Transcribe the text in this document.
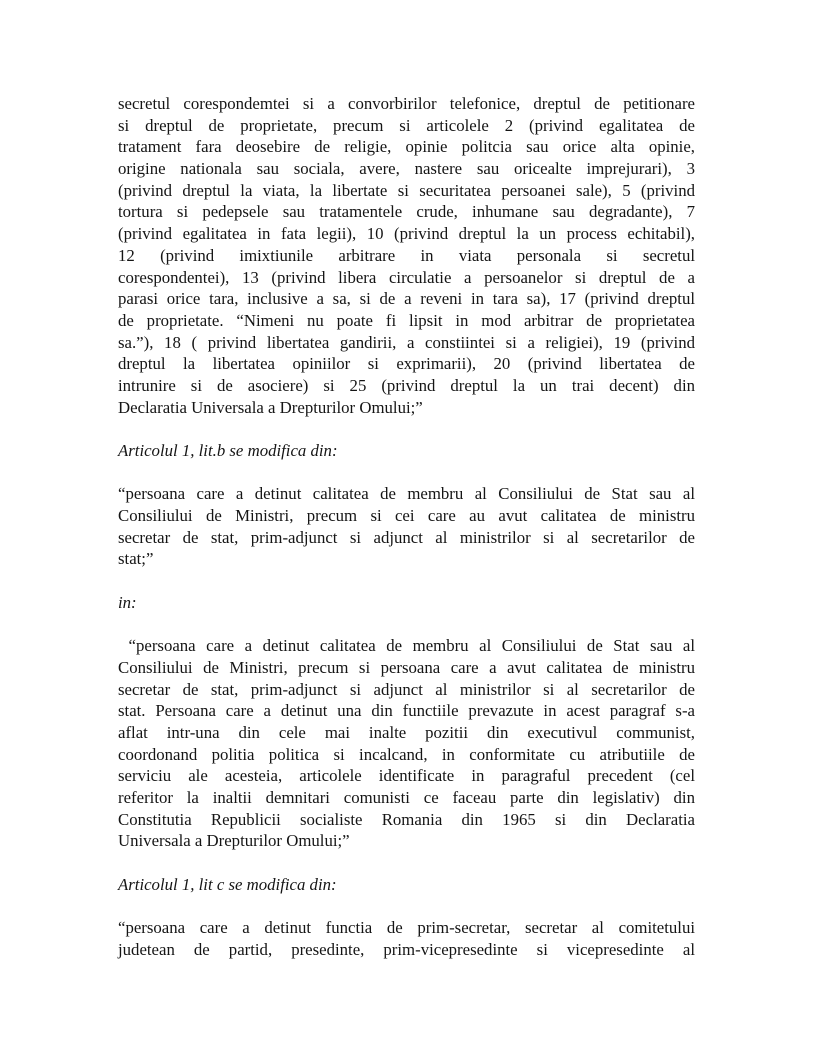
secretul corespondemtei si a convorbirilor telefonice, dreptul de petitionare
si dreptul de proprietate, precum si articolele 2 (privind egalitatea de
tratament fara deosebire de religie, opinie politcia sau orice alta opinie,
origine nationala sau sociala, avere, nastere sau oricealte imprejurari), 3
(privind dreptul la viata, la libertate si securitatea persoanei sale), 5 (privind
tortura si pedepsele sau tratamentele crude, inhumane sau degradante), 7
(privind egalitatea in fata legii), 10 (privind dreptul la un process echitabil),
12 (privind imixtiunile arbitrare in viata personala si secretul
corespondentei), 13 (privind libera circulatie a persoanelor si dreptul de a
parasi orice tara, inclusive a sa, si de a reveni in tara sa), 17 (privind dreptul
de proprietate. “Nimeni nu poate fi lipsit in mod arbitrar de proprietatea
sa.”), 18 ( privind libertatea gandirii, a constiintei si a religiei), 19 (privind
dreptul la libertatea opiniilor si exprimarii), 20 (privind libertatea de
intrunire si de asociere) si 25 (privind dreptul la un trai decent) din
Declaratia Universala a Drepturilor Omului;”
Articolul 1, lit.b se modifica din:
“persoana care a detinut calitatea de membru al Consiliului de Stat sau al
Consiliului de Ministri, precum si cei care au avut calitatea de ministru
secretar de stat, prim-adjunct si adjunct al ministrilor si al secretarilor de
stat;”
in:
“persoana care a detinut calitatea de membru al Consiliului de Stat sau al
Consiliului de Ministri, precum si persoana care a avut calitatea de ministru
secretar de stat, prim-adjunct si adjunct al ministrilor si al secretarilor de
stat. Persoana care a detinut una din functiile prevazute in acest paragraf s-a
aflat intr-una din cele mai inalte pozitii din executivul communist,
coordonand politia politica si incalcand, in conformitate cu atributiile de
serviciu ale acesteia, articolele identificate in paragraful precedent (cel
referitor la inaltii demnitari comunisti ce faceau parte din legislativ) din
Constitutia Republicii socialiste Romania din 1965 si din Declaratia
Universala a Drepturilor Omului;”
Articolul 1, lit c se modifica din:
“persoana care a detinut functia de prim-secretar, secretar al comitetului
judetean de partid, presedinte, prim-vicepresedinte si vicepresedinte al
